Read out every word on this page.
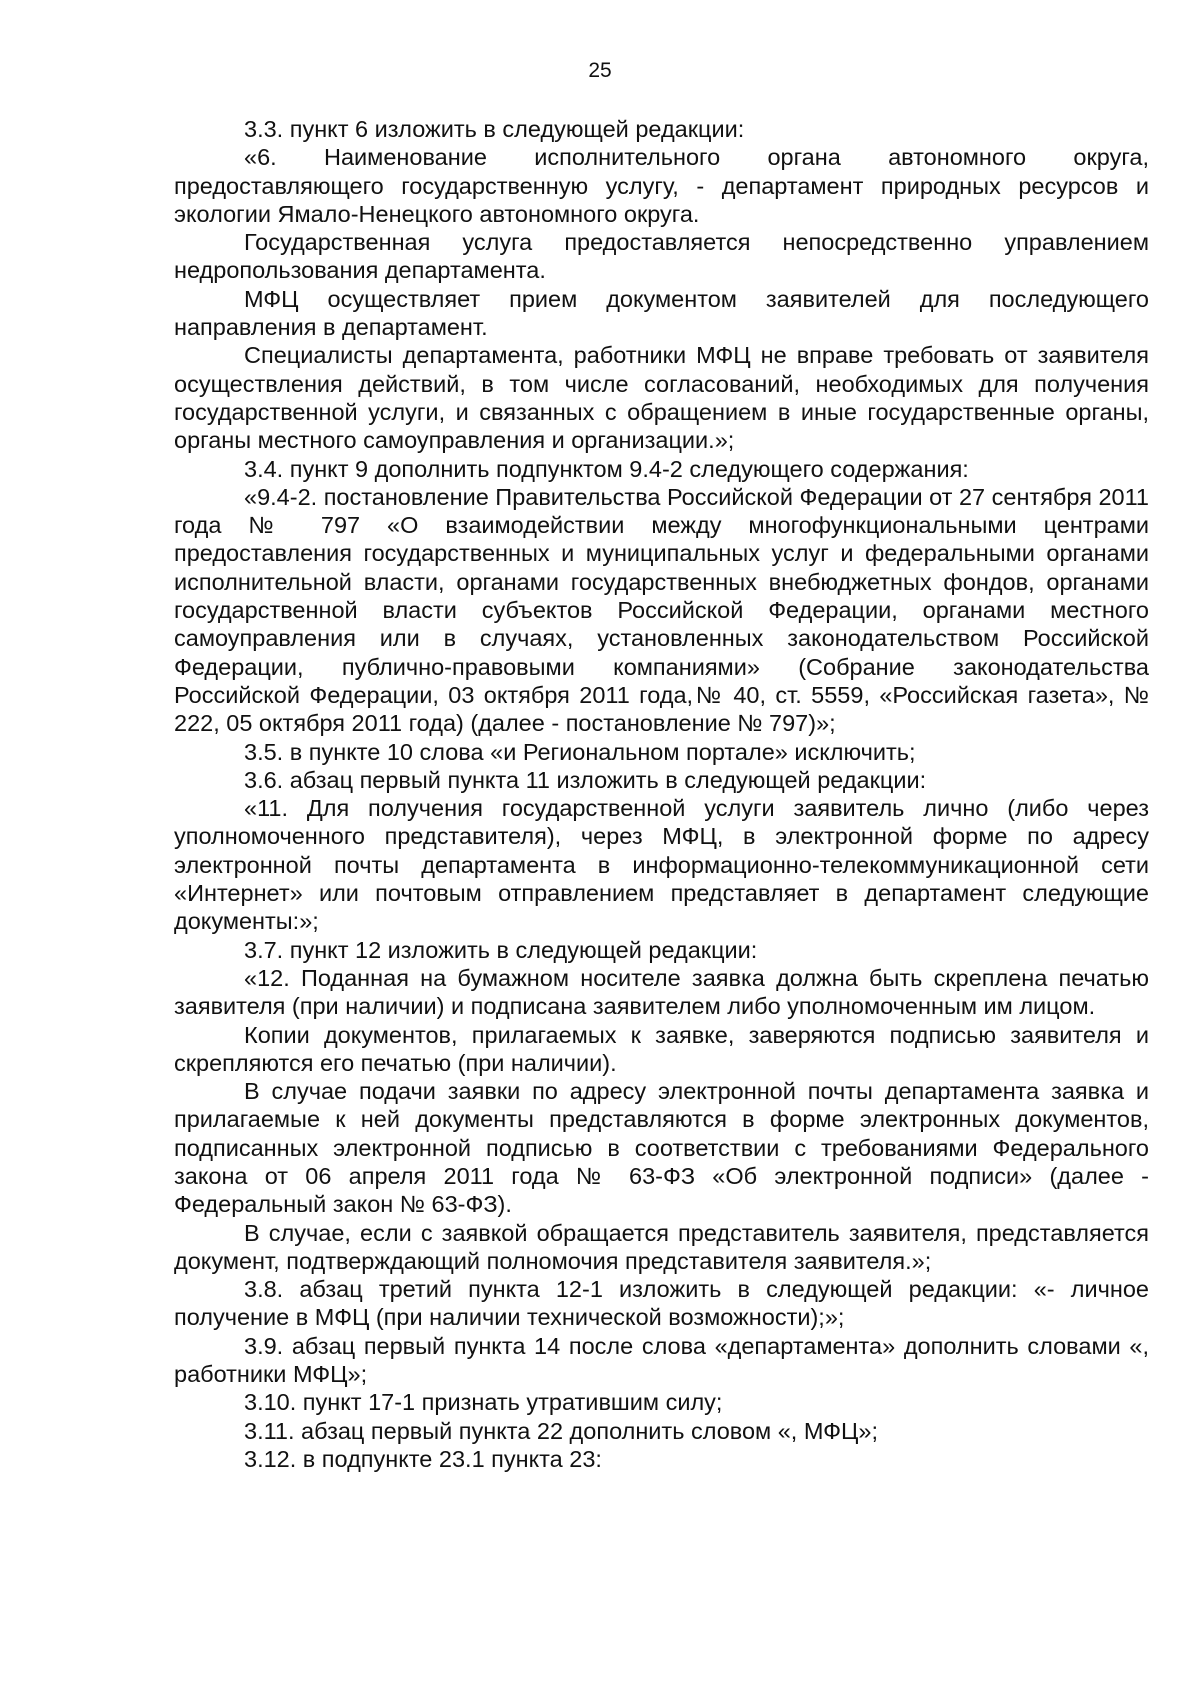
25

3.3. пункт 6 изложить в следующей редакции:

«6. Наименование исполнительного органа автономного округа, предоставляющего государственную услугу, - департамент природных ресурсов и экологии Ямало-Ненецкого автономного округа.

Государственная услуга предоставляется непосредственно управлением недропользования департамента.

МФЦ осуществляет прием документом заявителей для последующего направления в департамент.

Специалисты департамента, работники МФЦ не вправе требовать от заявителя осуществления действий, в том числе согласований, необходимых для получения государственной услуги, и связанных с обращением в иные государственные органы, органы местного самоуправления и организации.»;

3.4. пункт 9 дополнить подпунктом 9.4-2 следующего содержания:

«9.4-2. постановление Правительства Российской Федерации от 27 сентября 2011 года № 797 «О взаимодействии между многофункциональными центрами предоставления государственных и муниципальных услуг и федеральными органами исполнительной власти, органами государственных внебюджетных фондов, органами государственной власти субъектов Российской Федерации, органами местного самоуправления или в случаях, установленных законодательством Российской Федерации, публично-правовыми компаниями» (Собрание законодательства Российской Федерации, 03 октября 2011 года,№ 40, ст. 5559, «Российская газета», № 222, 05 октября 2011 года) (далее - постановление № 797)»;

3.5. в пункте 10 слова «и Региональном портале» исключить;

3.6. абзац первый пункта 11 изложить в следующей редакции:

«11. Для получения государственной услуги заявитель лично (либо через уполномоченного представителя), через МФЦ, в электронной форме по адресу электронной почты департамента в информационно-телекоммуникационной сети «Интернет» или почтовым отправлением представляет в департамент следующие документы:»;

3.7. пункт 12 изложить в следующей редакции:

«12. Поданная на бумажном носителе заявка должна быть скреплена печатью заявителя (при наличии) и подписана заявителем либо уполномоченным им лицом.

Копии документов, прилагаемых к заявке, заверяются подписью заявителя и скрепляются его печатью (при наличии).

В случае подачи заявки по адресу электронной почты департамента заявка и прилагаемые к ней документы представляются в форме электронных документов, подписанных электронной подписью в соответствии с требованиями Федерального закона от 06 апреля 2011 года № 63-ФЗ «Об электронной подписи» (далее - Федеральный закон № 63-ФЗ).

В случае, если с заявкой обращается представитель заявителя, представляется документ, подтверждающий полномочия представителя заявителя.»;

3.8. абзац третий пункта 12-1 изложить в следующей редакции: «- личное получение в МФЦ (при наличии технической возможности);»;

3.9. абзац первый пункта 14 после слова «департамента» дополнить словами «, работники МФЦ»;

3.10. пункт 17-1 признать утратившим силу;

3.11. абзац первый пункта 22 дополнить словом «, МФЦ»;

3.12. в подпункте 23.1 пункта 23:
